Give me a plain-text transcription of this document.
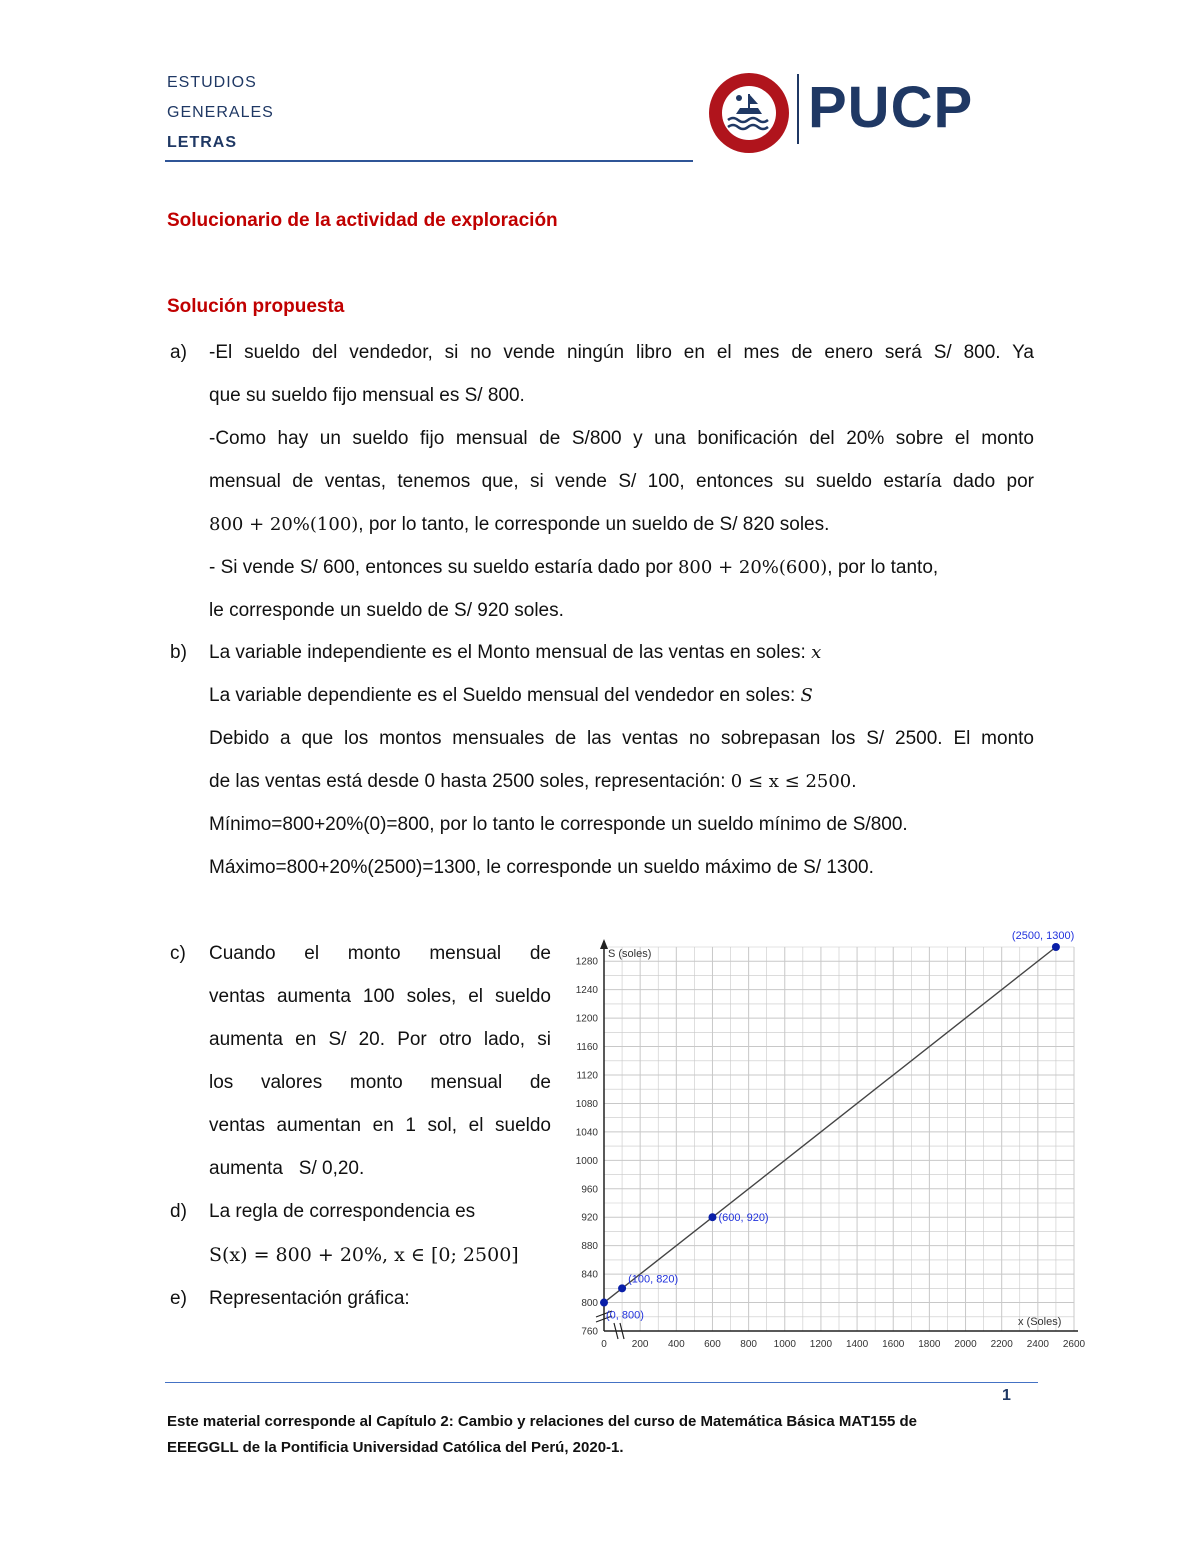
ESTUDIOS
GENERALES
LETRAS
PUCP
Solucionario de la actividad de exploración
Solución propuesta
a) -El sueldo del vendedor, si no vende ningún libro en el mes de enero será S/ 800. Ya
que su sueldo fijo mensual es S/ 800.
-Como hay un sueldo fijo mensual de S/800 y una bonificación del 20% sobre el monto
mensual de ventas, tenemos que, si vende S/ 100, entonces su sueldo estaría dado por
800 + 20%(100), por lo tanto, le corresponde un sueldo de S/ 820 soles.
- Si vende S/ 600, entonces su sueldo estaría dado por 800 + 20%(600), por lo tanto,
le corresponde un sueldo de S/ 920 soles.
b) La variable independiente es el Monto mensual de las ventas en soles: x
La variable dependiente es el Sueldo mensual del vendedor en soles: S
Debido a que los montos mensuales de las ventas no sobrepasan los S/ 2500. El monto
de las ventas está desde 0 hasta 2500 soles, representación: 0 ≤ x ≤ 2500.
Mínimo=800+20%(0)=800, por lo tanto le corresponde un sueldo mínimo de S/800.
Máximo=800+20%(2500)=1300, le corresponde un sueldo máximo de S/ 1300.
c) Cuando el monto mensual de
ventas aumenta 100 soles, el sueldo
aumenta en S/ 20. Por otro lado, si
los valores monto mensual de
ventas aumentan en 1 sol, el sueldo
aumenta   S/ 0,20.
d) La regla de correspondencia es
S(x) = 800 + 20%, x ∈ [0; 2500]
e) Representación gráfica:
0	200 400 600 800 1000 1200 1400 1600 1800 2000 2200 2400 2600
760
800
840
880
920
960
1000
1040
1080
1120
1160
1200
1240
1280
x (Soles)
S (soles)
(0, 800)
(100, 820)
(600, 920)
(2500, 1300)
1
Este material corresponde al Capítulo 2: Cambio y relaciones del curso de Matemática Básica MAT155 de
EEEGGLL de la Pontificia Universidad Católica del Perú, 2020-1.
